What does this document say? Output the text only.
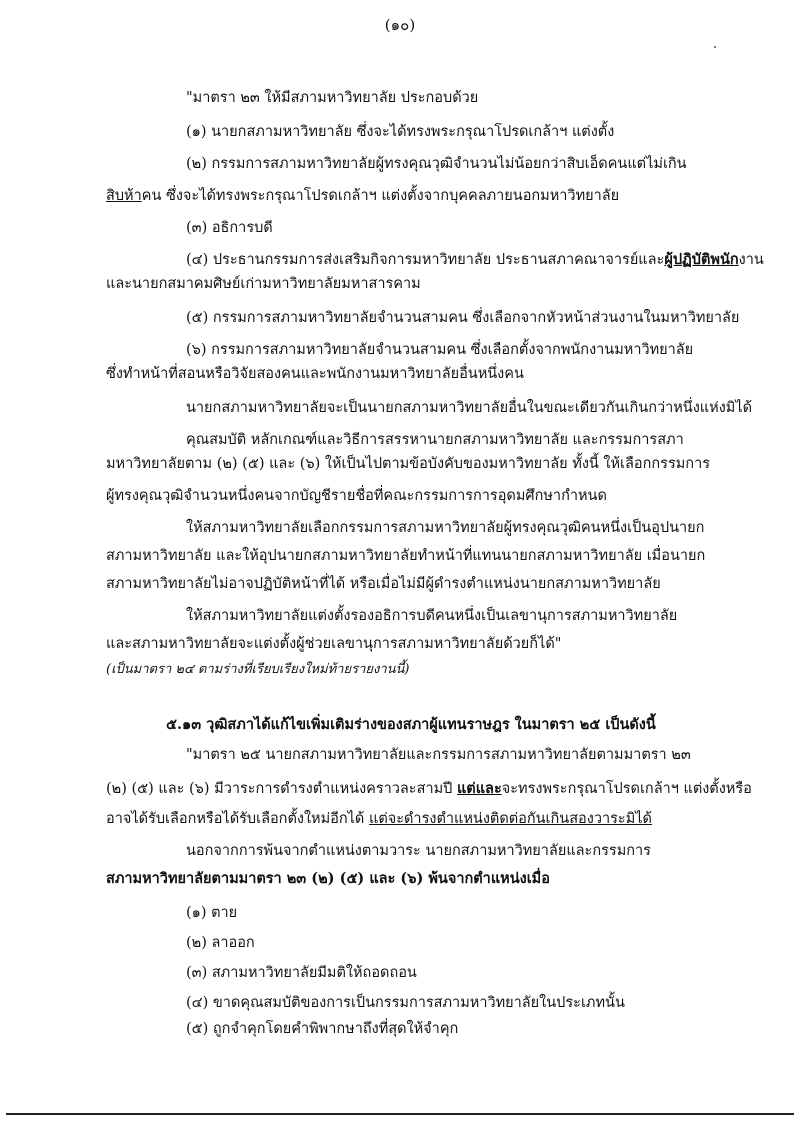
(๑๐)
"มาตรา ๒๓ ให้มีสภามหาวิทยาลัย ประกอบด้วย
(๑) นายกสภามหาวิทยาลัย ซึ่งจะได้ทรงพระกรุณาโปรดเกล้าฯ แต่งตั้ง
(๒) กรรมการสภามหาวิทยาลัยผู้ทรงคุณวุฒิจำนวนไม่น้อยกว่าสิบเอ็ดคนแต่ไม่เกิน
สิบห้าคน ซึ่งจะได้ทรงพระกรุณาโปรดเกล้าฯ แต่งตั้งจากบุคคลภายนอกมหาวิทยาลัย
(๓) อธิการบดี
(๔) ประธานกรรมการส่งเสริมกิจการมหาวิทยาลัย ประธานสภาคณาจารย์และผู้ปฏิบัติพนักงาน
และนายกสมาคมศิษย์เก่ามหาวิทยาลัยมหาสารคาม
(๕) กรรมการสภามหาวิทยาลัยจำนวนสามคน ซึ่งเลือกจากหัวหน้าส่วนงานในมหาวิทยาลัย
(๖) กรรมการสภามหาวิทยาลัยจำนวนสามคน ซึ่งเลือกตั้งจากพนักงานมหาวิทยาลัย
ซึ่งทำหน้าที่สอนหรือวิจัยสองคนและพนักงานมหาวิทยาลัยอื่นหนึ่งคน
นายกสภามหาวิทยาลัยจะเป็นนายกสภามหาวิทยาลัยอื่นในขณะเดียวกันเกินกว่าหนึ่งแห่งมิได้
คุณสมบัติ หลักเกณฑ์และวิธีการสรรหานายกสภามหาวิทยาลัย และกรรมการสภา
มหาวิทยาลัยตาม (๒) (๕) และ (๖) ให้เป็นไปตามข้อบังคับของมหาวิทยาลัย ทั้งนี้ ให้เลือกกรรมการ
ผู้ทรงคุณวุฒิจำนวนหนึ่งคนจากบัญชีรายชื่อที่คณะกรรมการการอุดมศึกษากำหนด
ให้สภามหาวิทยาลัยเลือกกรรมการสภามหาวิทยาลัยผู้ทรงคุณวุฒิคนหนึ่งเป็นอุปนายก
สภามหาวิทยาลัย และให้อุปนายกสภามหาวิทยาลัยทำหน้าที่แทนนายกสภามหาวิทยาลัย เมื่อนายก
สภามหาวิทยาลัยไม่อาจปฏิบัติหน้าที่ได้ หรือเมื่อไม่มีผู้ดำรงตำแหน่งนายกสภามหาวิทยาลัย
ให้สภามหาวิทยาลัยแต่งตั้งรองอธิการบดีคนหนึ่งเป็นเลขานุการสภามหาวิทยาลัย
และสภามหาวิทยาลัยจะแต่งตั้งผู้ช่วยเลขานุการสภามหาวิทยาลัยด้วยก็ได้"
(เป็นมาตรา ๒๔ ตามร่างที่เรียบเรียงใหม่ท้ายรายงานนี้)
๕.๑๓ วุฒิสภาได้แก้ไขเพิ่มเติมร่างของสภาผู้แทนราษฎร ในมาตรา ๒๕ เป็นดังนี้
"มาตรา ๒๕ นายกสภามหาวิทยาลัยและกรรมการสภามหาวิทยาลัยตามมาตรา ๒๓
(๒) (๕) และ (๖) มีวาระการดำรงตำแหน่งคราวละสามปี แต่และจะทรงพระกรุณาโปรดเกล้าฯ แต่งตั้งหรือ
อาจได้รับเลือกหรือได้รับเลือกตั้งใหม่อีกได้ แต่จะดำรงตำแหน่งติดต่อกันเกินสองวาระมิได้
นอกจากการพ้นจากตำแหน่งตามวาระ นายกสภามหาวิทยาลัยและกรรมการ
สภามหาวิทยาลัยตามมาตรา ๒๓ (๒) (๕) และ (๖) พ้นจากตำแหน่งเมื่อ
(๑) ตาย
(๒) ลาออก
(๓) สภามหาวิทยาลัยมีมติให้ถอดถอน
(๔) ขาดคุณสมบัติของการเป็นกรรมการสภามหาวิทยาลัยในประเภทนั้น
(๕) ถูกจำคุกโดยคำพิพากษาถึงที่สุดให้จำคุก
